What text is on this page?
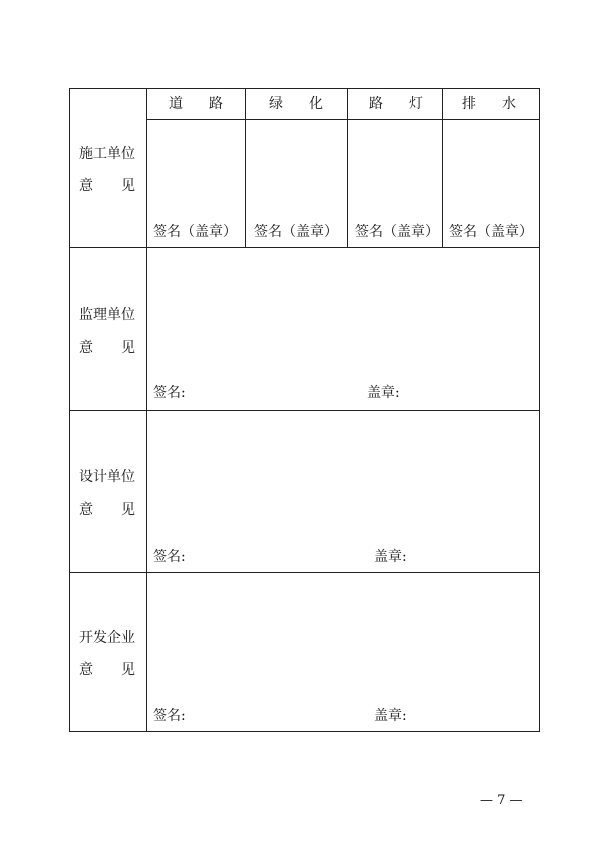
施工单位
意 见
道 路	绿 化	路 灯	排 水
签名（盖章） 签名（盖章） 签名（盖章） 签名（盖章）
监理单位
意 见
签名:	盖章:
设计单位
意 见
签名:	盖章:
开发企业
意 见
签名:	盖章:
— 7 —
